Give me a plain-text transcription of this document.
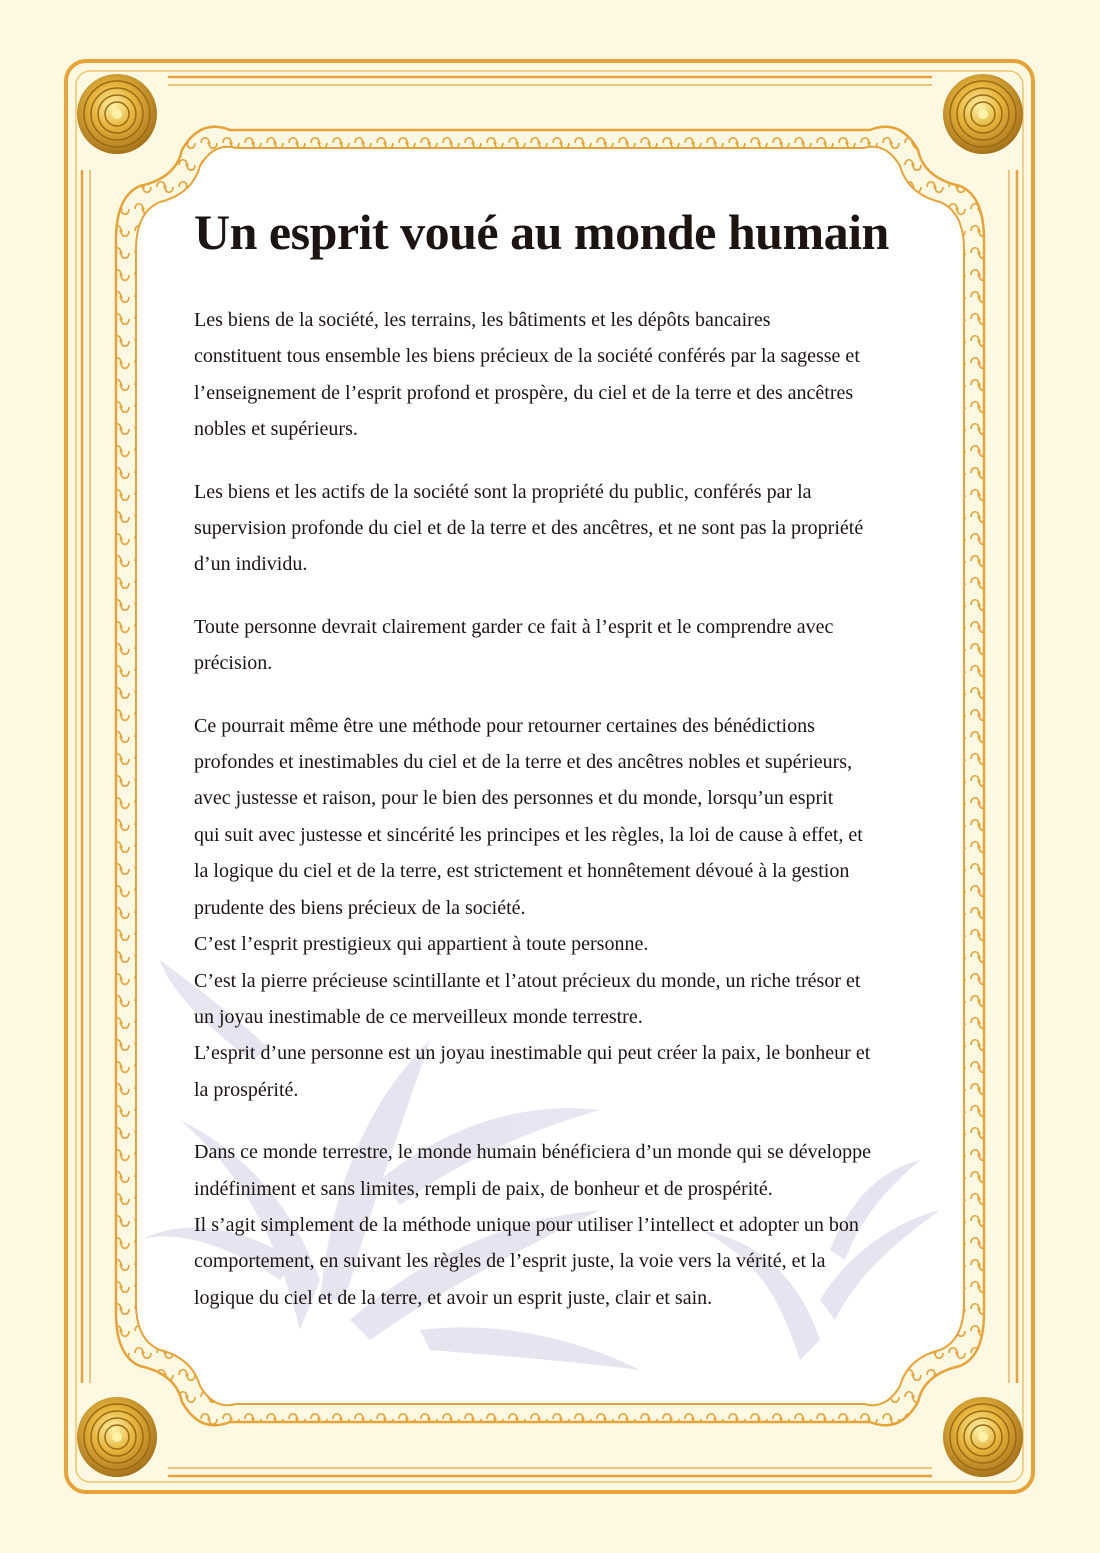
Un esprit voué au monde humain
Les biens de la société, les terrains, les bâtiments et les dépôts bancaires
constituent tous ensemble les biens précieux de la société conférés par la sagesse et
l’enseignement de l’esprit profond et prospère, du ciel et de la terre et des ancêtres
nobles et supérieurs.
Les biens et les actifs de la société sont la propriété du public, conférés par la
supervision profonde du ciel et de la terre et des ancêtres, et ne sont pas la propriété
d’un individu.
Toute personne devrait clairement garder ce fait à l’esprit et le comprendre avec
précision.
Ce pourrait même être une méthode pour retourner certaines des bénédictions
profondes et inestimables du ciel et de la terre et des ancêtres nobles et supérieurs,
avec justesse et raison, pour le bien des personnes et du monde, lorsqu’un esprit
qui suit avec justesse et sincérité les principes et les règles, la loi de cause à effet, et
la logique du ciel et de la terre, est strictement et honnêtement dévoué à la gestion
prudente des biens précieux de la société.
C’est l’esprit prestigieux qui appartient à toute personne.
C’est la pierre précieuse scintillante et l’atout précieux du monde, un riche trésor et
un joyau inestimable de ce merveilleux monde terrestre.
L’esprit d’une personne est un joyau inestimable qui peut créer la paix, le bonheur et
la prospérité.
Dans ce monde terrestre, le monde humain bénéficiera d’un monde qui se développe
indéfiniment et sans limites, rempli de paix, de bonheur et de prospérité.
Il s’agit simplement de la méthode unique pour utiliser l’intellect et adopter un bon
comportement, en suivant les règles de l’esprit juste, la voie vers la vérité, et la
logique du ciel et de la terre, et avoir un esprit juste, clair et sain.
